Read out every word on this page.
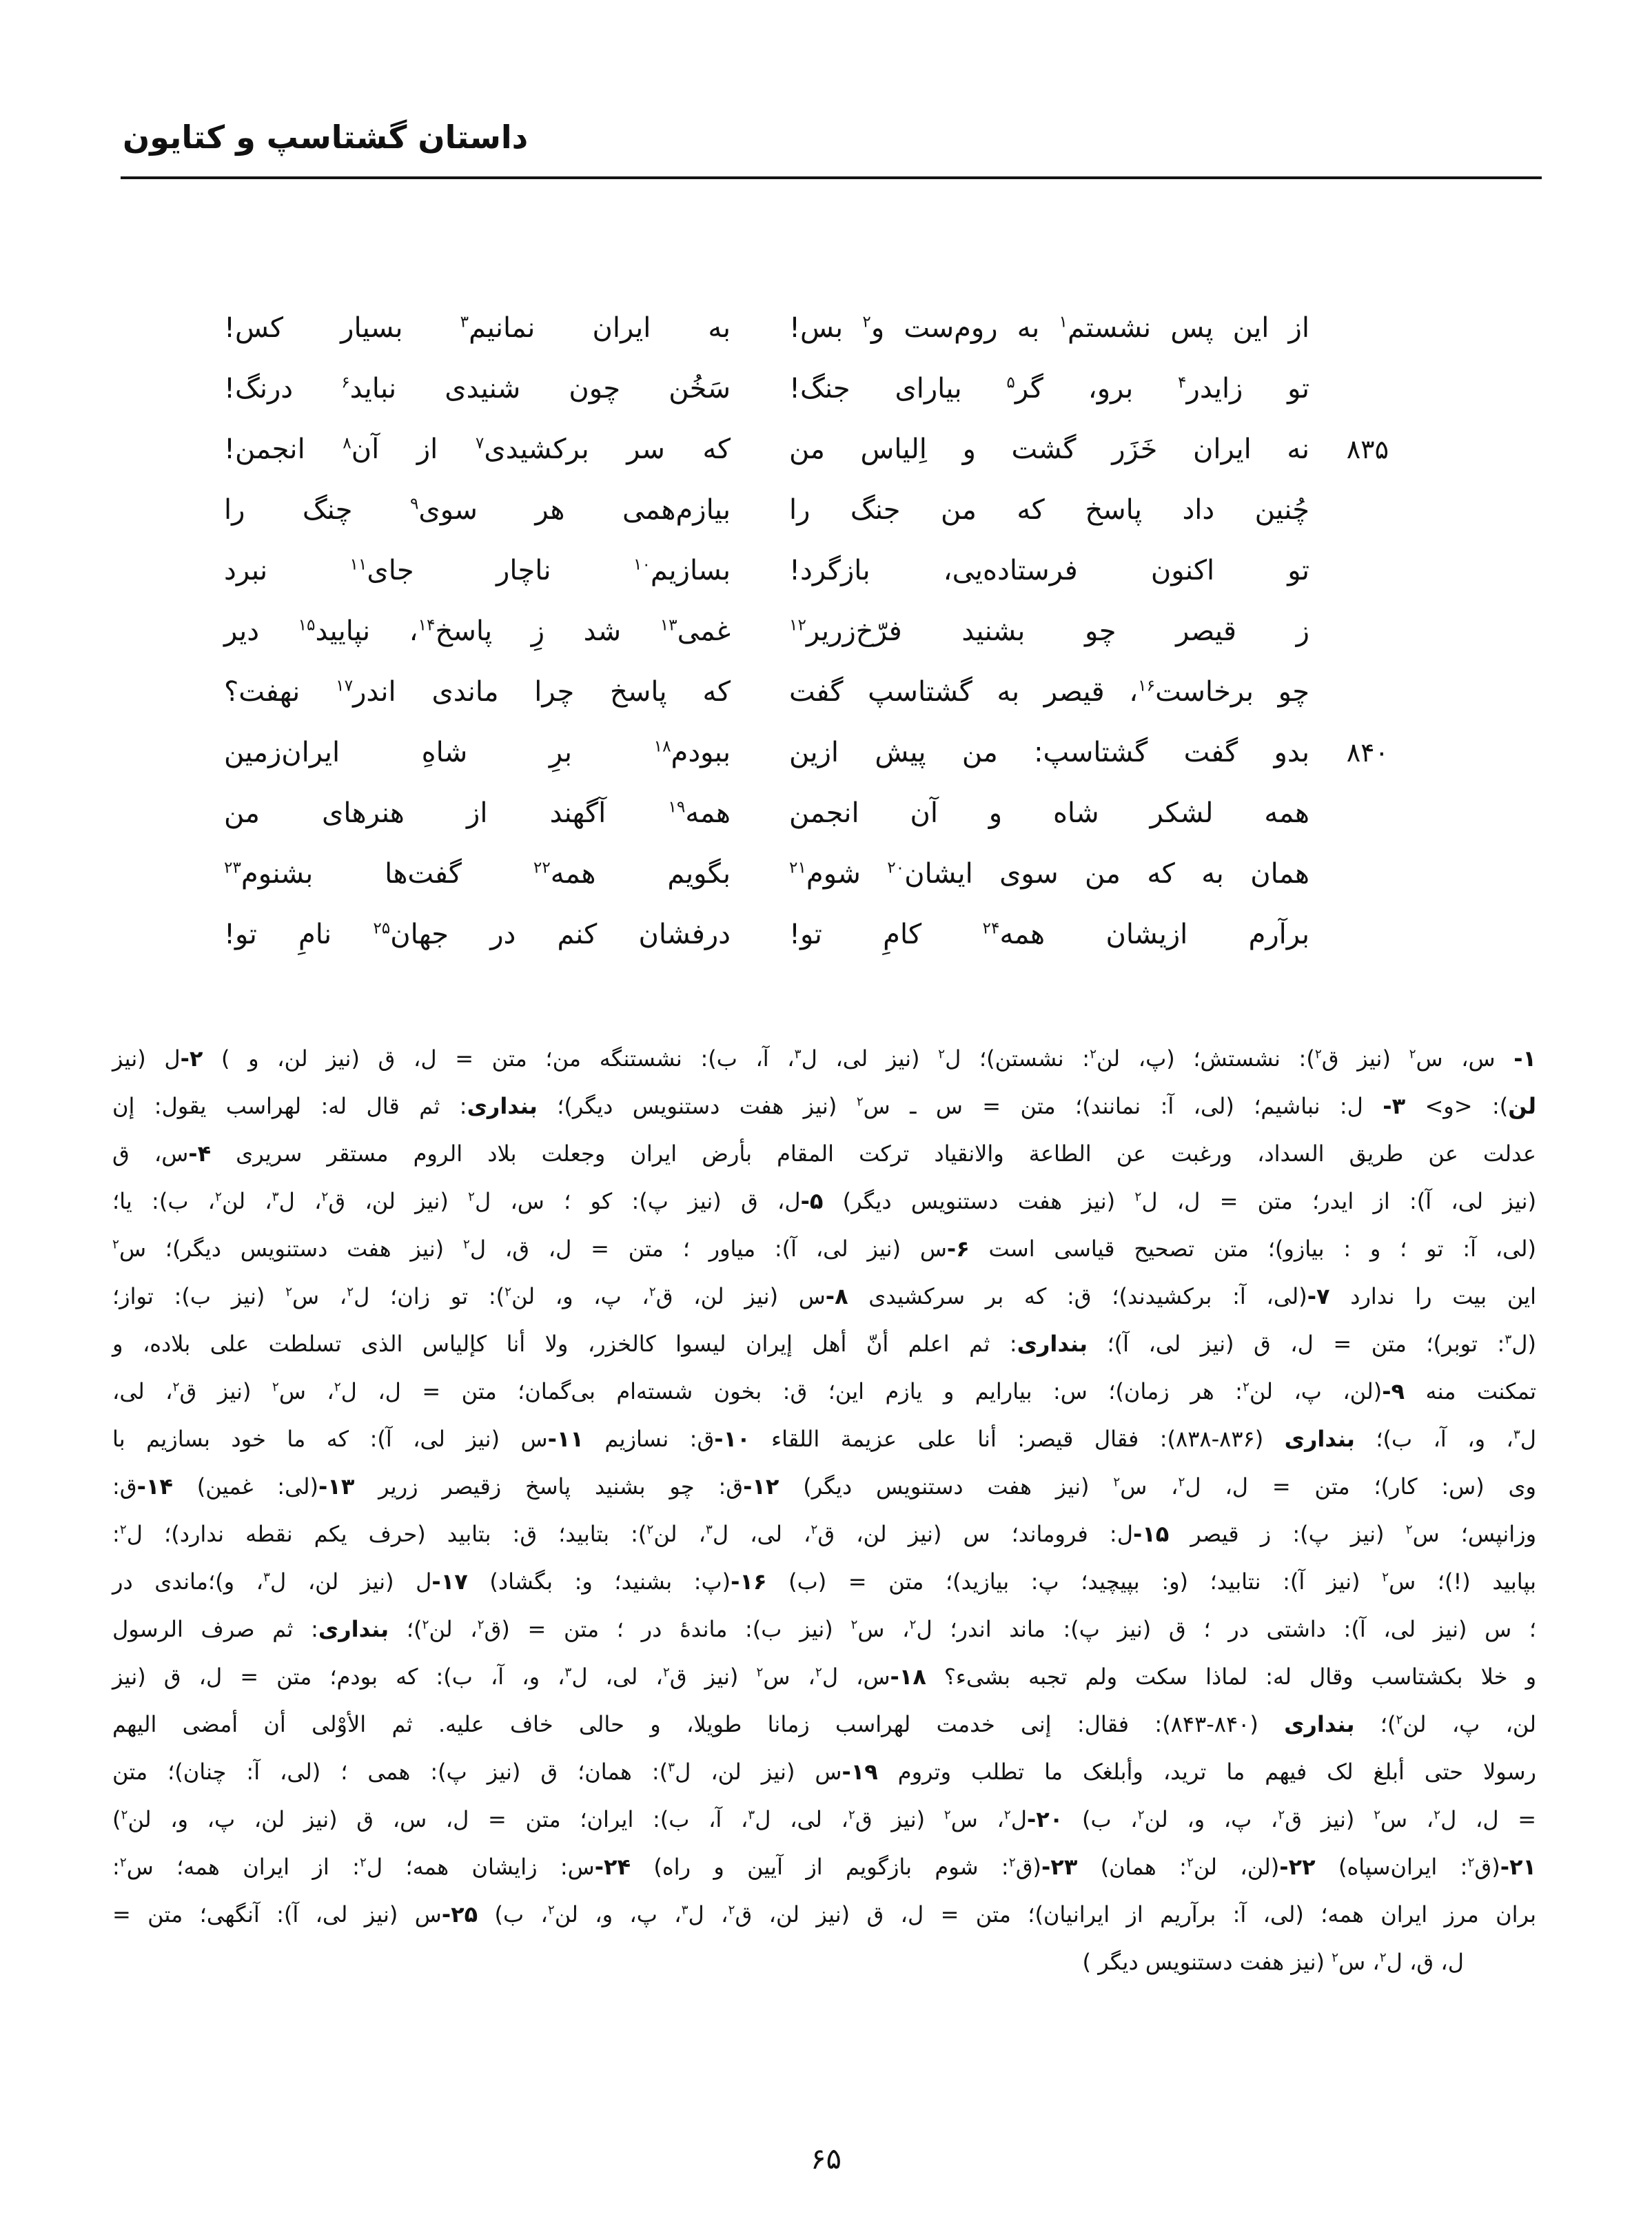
داستان گشتاسپ و کتایون
از این پس نشستم$^۱$ به روم‌ست و$^۲$ بس!
به ایران نمانیم$^۳$ بسیار کس!
تو زایدر$^۴$ برو، گر$^۵$ بیارای جنگ!
سَخُن چون شنیدی نباید$^۶$ درنگ!
۸۳۵
نه ایران خَزَر گشت و اِلیاس من
که سر برکشیدی$^۷$ از آن$^۸$ انجمن!
چُنین داد پاسخ که من جنگ را
بیازم‌همی هر سوی$^۹$ چنگ را
تو اکنون فرستاده‌یی، بازگرد!
بسازیم$^{۱۰}$ ناچار جای$^{۱۱}$ نبرد
ز قیصر چو بشنید فرّخ‌زریر$^{۱۲}$
غمی$^{۱۳}$ شد زِ پاسخ$^{۱۴}$، نپایید$^{۱۵}$ دیر
چو برخاست$^{۱۶}$، قیصر به گشتاسپ گفت
که پاسخ چرا ماندی اندر$^{۱۷}$ نهفت؟
۸۴۰
بدو گفت گشتاسپ: من پیش ازین
ببودم$^{۱۸}$ برِ شاهِ ایران‌زمین
همه لشکر شاه و آن انجمن
همه$^{۱۹}$ آگهند از هنرهای من
همان به که من سوی ایشان$^{۲۰}$ شوم$^{۲۱}$
بگویم همه$^{۲۲}$ گفت‌ها بشنوم$^{۲۳}$
برآرم ازیشان همه$^{۲۴}$ کامِ تو!
درفشان کنم در جهان$^{۲۵}$ نامِ تو!
۱- س، س$^۲$ (نیز ق$^۲$): نشستش؛ (پ، لن$^۲$: نشستن)؛ ل$^۲$ (نیز لی، ل$^۳$، آ، ب): نشستنگه من؛ متن = ل، ق (نیز لن، و ) ۲-ل (نیز
لن): <و> ۳- ل: نباشیم؛ (لی، آ: نمانند)؛ متن = س ـ س$^۲$ (نیز هفت دستنویس دیگر)؛ بنداری: ثم قال له: لهراسب یقول: إن
عدلت عن طریق السداد، ورغبت عن الطاعة والانقیاد ترکت المقام بأرض ایران وجعلت بلاد الروم مستقر سریری ۴-س، ق
(نیز لی، آ): از ایدر؛ متن = ل، ل$^۲$ (نیز هفت دستنویس دیگر) ۵-ل، ق (نیز پ): کو ؛ س، ل$^۲$ (نیز لن، ق$^۲$، ل$^۳$، لن$^۲$، ب): یا؛
(لی، آ: تو ؛ و : بیازو)؛ متن تصحیح قیاسی است ۶-س (نیز لی، آ): میاور ؛ متن = ل، ق، ل$^۲$ (نیز هفت دستنویس دیگر)؛ س$^۲$
این بیت را ندارد ۷-(لی، آ: برکشیدند)؛ ق: که بر سرکشیدی ۸-س (نیز لن، ق$^۲$، پ، و، لن$^۲$): تو زان؛ ل$^۲$، س$^۲$ (نیز ب): تواز؛
(ل$^۳$: توبر)؛ متن = ل، ق (نیز لی، آ)؛ بنداری: ثم اعلم أنّ أهل إیران لیسوا کالخزر، ولا أنا کإلیاس الذی تسلطت علی بلاده، و
تمکنت منه ۹-(لن، پ، لن$^۲$: هر زمان)؛ س: بیارایم و یازم این؛ ق: بخون شسته‌ام بی‌گمان؛ متن = ل، ل$^۲$، س$^۲$ (نیز ق$^۲$، لی،
ل$^۳$، و، آ، ب)؛ بنداری (۸۳۶-۸۳۸): فقال قیصر: أنا علی عزیمة اللقاء ۱۰-ق: نسازیم ۱۱-س (نیز لی، آ): که ما خود بسازیم با
وی (س: کار)؛ متن = ل، ل$^۲$، س$^۲$ (نیز هفت دستنویس دیگر) ۱۲-ق: چو بشنید پاسخ زقیصر زریر ۱۳-(لی: غمین) ۱۴-ق:
وزانپس؛ س$^۲$ (نیز پ): ز قیصر ۱۵-ل: فروماند؛ س (نیز لن، ق$^۲$، لی، ل$^۳$، لن$^۲$): بتابید؛ ق: بتابید (حرف یکم نقطه ندارد)؛ ل$^۲$:
بپابید (!)؛ س$^۲$ (نیز آ): نتابید؛ (و: بپیچید؛ پ: بیازید)؛ متن = (ب) ۱۶-(پ: بشنید؛ و: بگشاد) ۱۷-ل (نیز لن، ل$^۳$، و)؛ماندی در
؛ س (نیز لی، آ): داشتی در ؛ ق (نیز پ): ماند اندر؛ ل$^۲$، س$^۲$ (نیز ب): ماندهٔ در ؛ متن = (ق$^۲$، لن$^۲$)؛ بنداری: ثم صرف الرسول
و خلا بکشتاسب وقال له: لماذا سکت ولم تجبه بشیء؟ ۱۸-س، ل$^۲$، س$^۲$ (نیز ق$^۲$، لی، ل$^۳$، و، آ، ب): که بودم؛ متن = ل، ق (نیز
لن، پ، لن$^۲$)؛ بنداری (۸۴۰-۸۴۳): فقال: إنی خدمت لهراسب زمانا طویلا، و حالی خاف علیه. ثم الأوْلی أن أمضی الیهم
رسولا حتی أبلغ لک فیهم ما ترید، وأبلغک ما تطلب وتروم ۱۹-س (نیز لن، ل$^۳$): همان؛ ق (نیز پ): همی ؛ (لی، آ: چنان)؛ متن
= ل، ل$^۲$، س$^۲$ (نیز ق$^۲$، پ، و، لن$^۲$، ب) ۲۰-ل$^۲$، س$^۲$ (نیز ق$^۲$، لی، ل$^۳$، آ، ب): ایران؛ متن = ل، س، ق (نیز لن، پ، و، لن$^۲$)
۲۱-(ق$^۲$: ایران‌سپاه) ۲۲-(لن، لن$^۲$: همان) ۲۳-(ق$^۲$: شوم بازگویم از آیین و راه) ۲۴-س: زایشان همه؛ ل$^۲$: از ایران همه؛ س$^۲$:
بران مرز ایران همه؛ (لی، آ: برآریم از ایرانیان)؛ متن = ل، ق (نیز لن، ق$^۲$، ل$^۳$، پ، و، لن$^۲$، ب) ۲۵-س (نیز لی، آ): آنگهی؛ متن =
ل، ق، ل$^۲$، س$^۲$ (نیز هفت دستنویس دیگر )
۶۵
